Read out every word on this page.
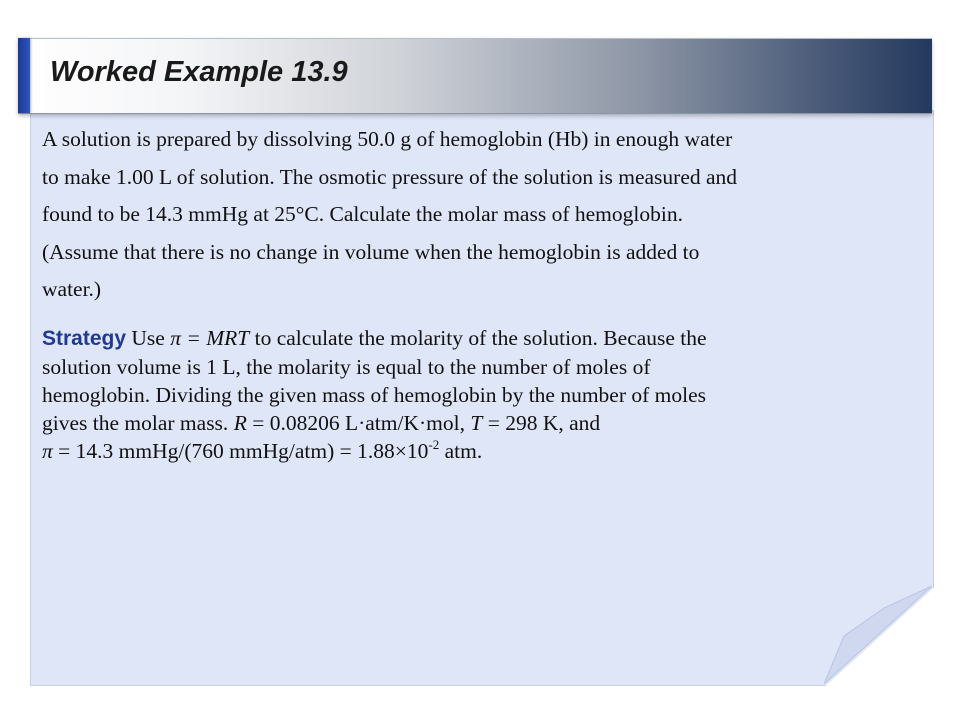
Worked Example 13.9
A solution is prepared by dissolving 50.0 g of hemoglobin (Hb) in enough water
to make 1.00 L of solution. The osmotic pressure of the solution is measured and
found to be 14.3 mmHg at 25°C. Calculate the molar mass of hemoglobin.
(Assume that there is no change in volume when the hemoglobin is added to
water.)
Strategy Use π = MRT to calculate the molarity of the solution. Because the
solution volume is 1 L, the molarity is equal to the number of moles of
hemoglobin. Dividing the given mass of hemoglobin by the number of moles
gives the molar mass. R = 0.08206 L·atm/K·mol, T = 298 K, and
π = 14.3 mmHg/(760 mmHg/atm) = $1.88\times 10^{-2}$ atm.
